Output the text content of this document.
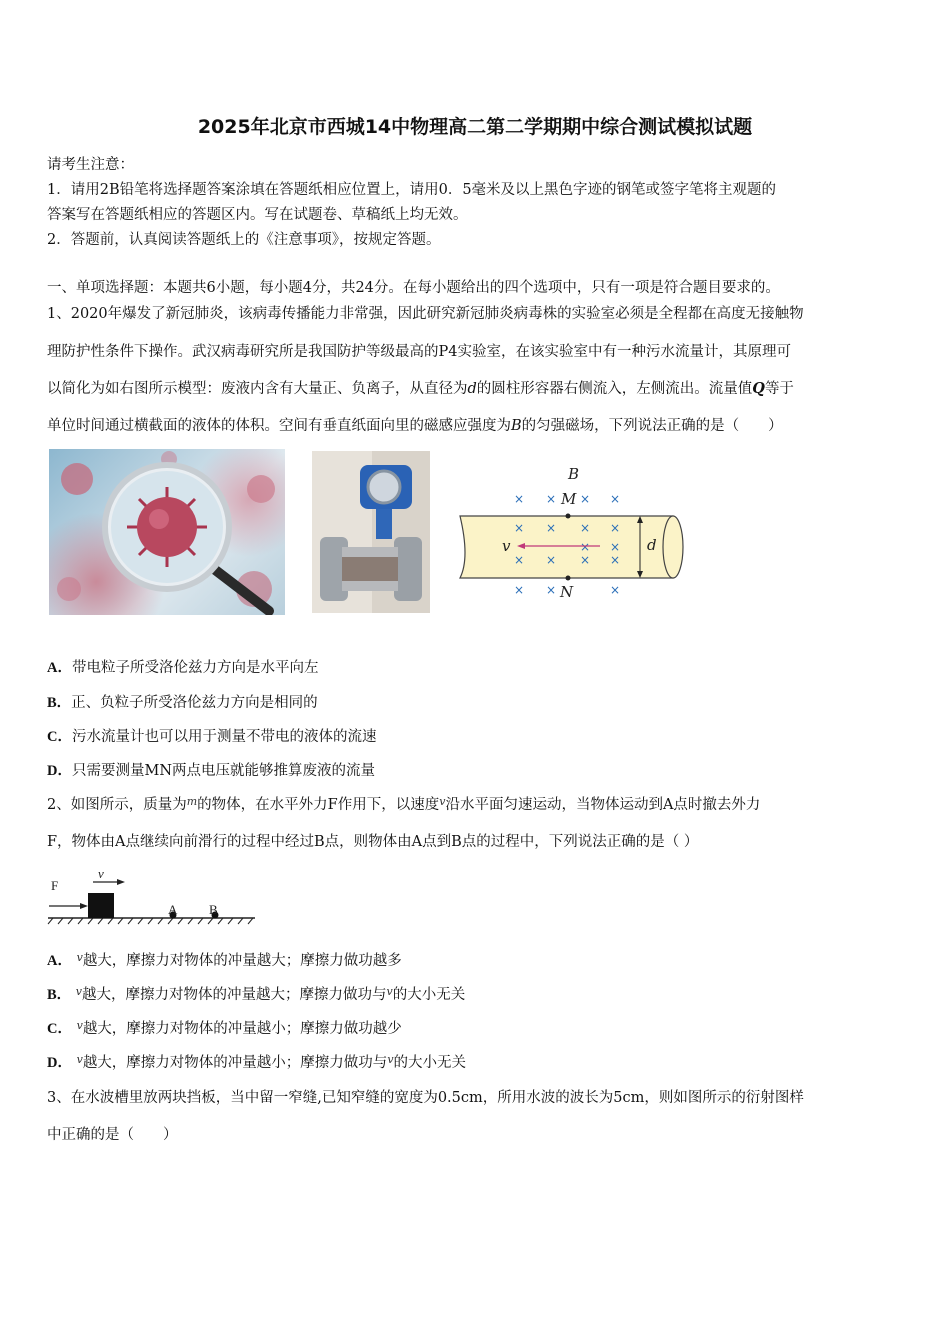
2025年北京市西城14中物理高二第二学期期中综合测试模拟试题
请考生注意：
1．请用2B铅笔将选择题答案涂填在答题纸相应位置上，请用0．5毫米及以上黑色字迹的钢笔或签字笔将主观题的
答案写在答题纸相应的答题区内。写在试题卷、草稿纸上均无效。
2．答题前，认真阅读答题纸上的《注意事项》，按规定答题。
一、单项选择题：本题共6小题，每小题4分，共24分。在每小题给出的四个选项中，只有一项是符合题目要求的。
1、2020年爆发了新冠肺炎，该病毒传播能力非常强，因此研究新冠肺炎病毒株的实验室必须是全程都在高度无接触物
理防护性条件下操作。武汉病毒研究所是我国防护等级最高的P4实验室，在该实验室中有一种污水流量计，其原理可
以简化为如右图所示模型：废液内含有大量正、负离子，从直径为d的圆柱形容器右侧流入，左侧流出。流量值Q等于
单位时间通过横截面的液体的体积。空间有垂直纸面向里的磁感应强度为B的匀强磁场，下列说法正确的是（　　）
× × × ×
× × × ×
× ×
× × × ×
× ×	×
B
M
N
v	d
A．带电粒子所受洛伦兹力方向是水平向左
B．正、负粒子所受洛伦兹力方向是相同的
C．污水流量计也可以用于测量不带电的液体的流速
D．只需要测量MN两点电压就能够推算废液的流量
2、如图所示，质量为$^m$的物体，在水平外力F作用下，以速度$^v$沿水平面匀速运动，当物体运动到A点时撤去外力
F，物体由A点继续向前滑行的过程中经过B点，则物体由A点到B点的过程中，下列说法正确的是（ ）
F
v
A B
A． $^v$越大，摩擦力对物体的冲量越大；摩擦力做功越多
B． $^v$越大，摩擦力对物体的冲量越大；摩擦力做功与$^v$的大小无关
C． $^v$越大，摩擦力对物体的冲量越小；摩擦力做功越少
D． $^v$越大，摩擦力对物体的冲量越小；摩擦力做功与$^v$的大小无关
3、在水波槽里放两块挡板，当中留一窄缝,已知窄缝的宽度为0.5cm，所用水波的波长为5cm，则如图所示的衍射图样
中正确的是（　　）
